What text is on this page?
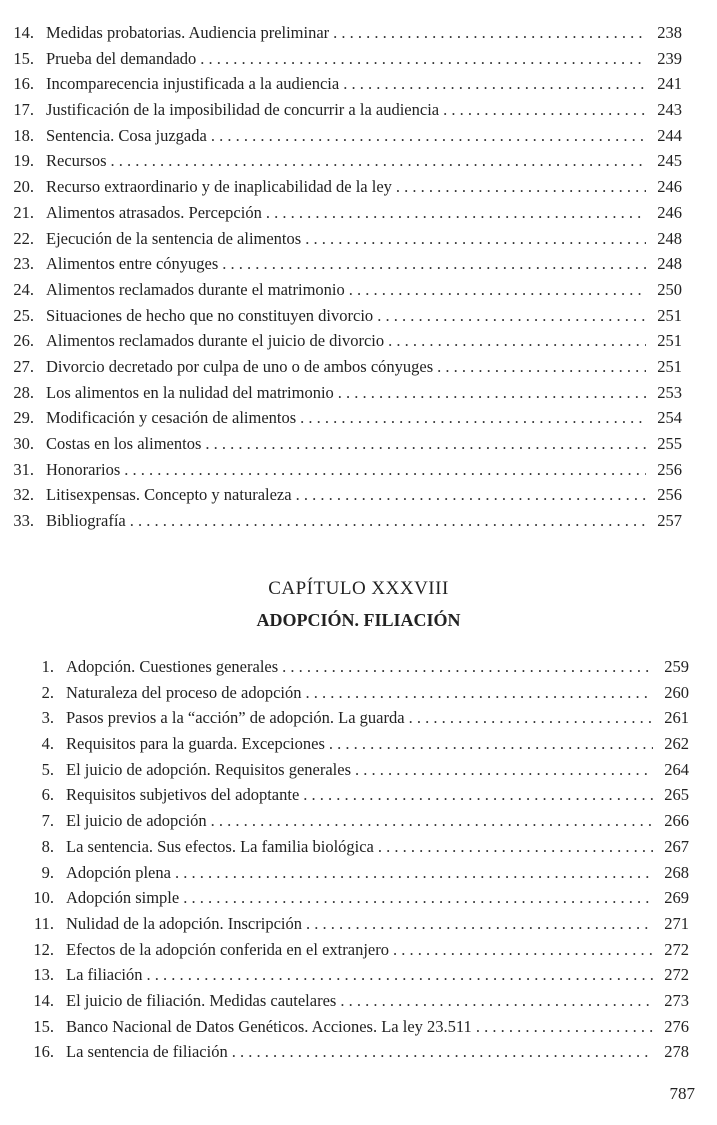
14. Medidas probatorias. Audiencia preliminar . . .	238
15. Prueba del demandado . . .	239
16. Incomparecencia injustificada a la audiencia . . .	241
17. Justificación de la imposibilidad de concurrir a la audiencia . . .	243
18. Sentencia. Cosa juzgada . . .	244
19. Recursos . . .	245
20. Recurso extraordinario y de inaplicabilidad de la ley . . .	246
21. Alimentos atrasados. Percepción . . .	246
22. Ejecución de la sentencia de alimentos . . .	248
23. Alimentos entre cónyuges . . .	248
24. Alimentos reclamados durante el matrimonio . . .	250
25. Situaciones de hecho que no constituyen divorcio . . .	251
26. Alimentos reclamados durante el juicio de divorcio . . .	251
27. Divorcio decretado por culpa de uno o de ambos cónyuges . . .	251
28. Los alimentos en la nulidad del matrimonio . . .	253
29. Modificación y cesación de alimentos . . .	254
30. Costas en los alimentos . . .	255
31. Honorarios . . .	256
32. Litisexpensas. Concepto y naturaleza . . .	256
33. Bibliografía . . .	257
CAPÍTULO XXXVIII
ADOPCIÓN. FILIACIÓN
1. Adopción. Cuestiones generales . . .	259
2. Naturaleza del proceso de adopción . . .	260
3. Pasos previos a la “acción” de adopción. La guarda . . .	261
4. Requisitos para la guarda. Excepciones . . .	262
5. El juicio de adopción. Requisitos generales . . .	264
6. Requisitos subjetivos del adoptante . . .	265
7. El juicio de adopción . . .	266
8. La sentencia. Sus efectos. La familia biológica . . .	267
9. Adopción plena . . .	268
10. Adopción simple . . .	269
11. Nulidad de la adopción. Inscripción . . .	271
12. Efectos de la adopción conferida en el extranjero . . .	272
13. La filiación . . .	272
14. El juicio de filiación. Medidas cautelares . . .	273
15. Banco Nacional de Datos Genéticos. Acciones. La ley 23.511 . . .	276
16. La sentencia de filiación . . .	278
787
